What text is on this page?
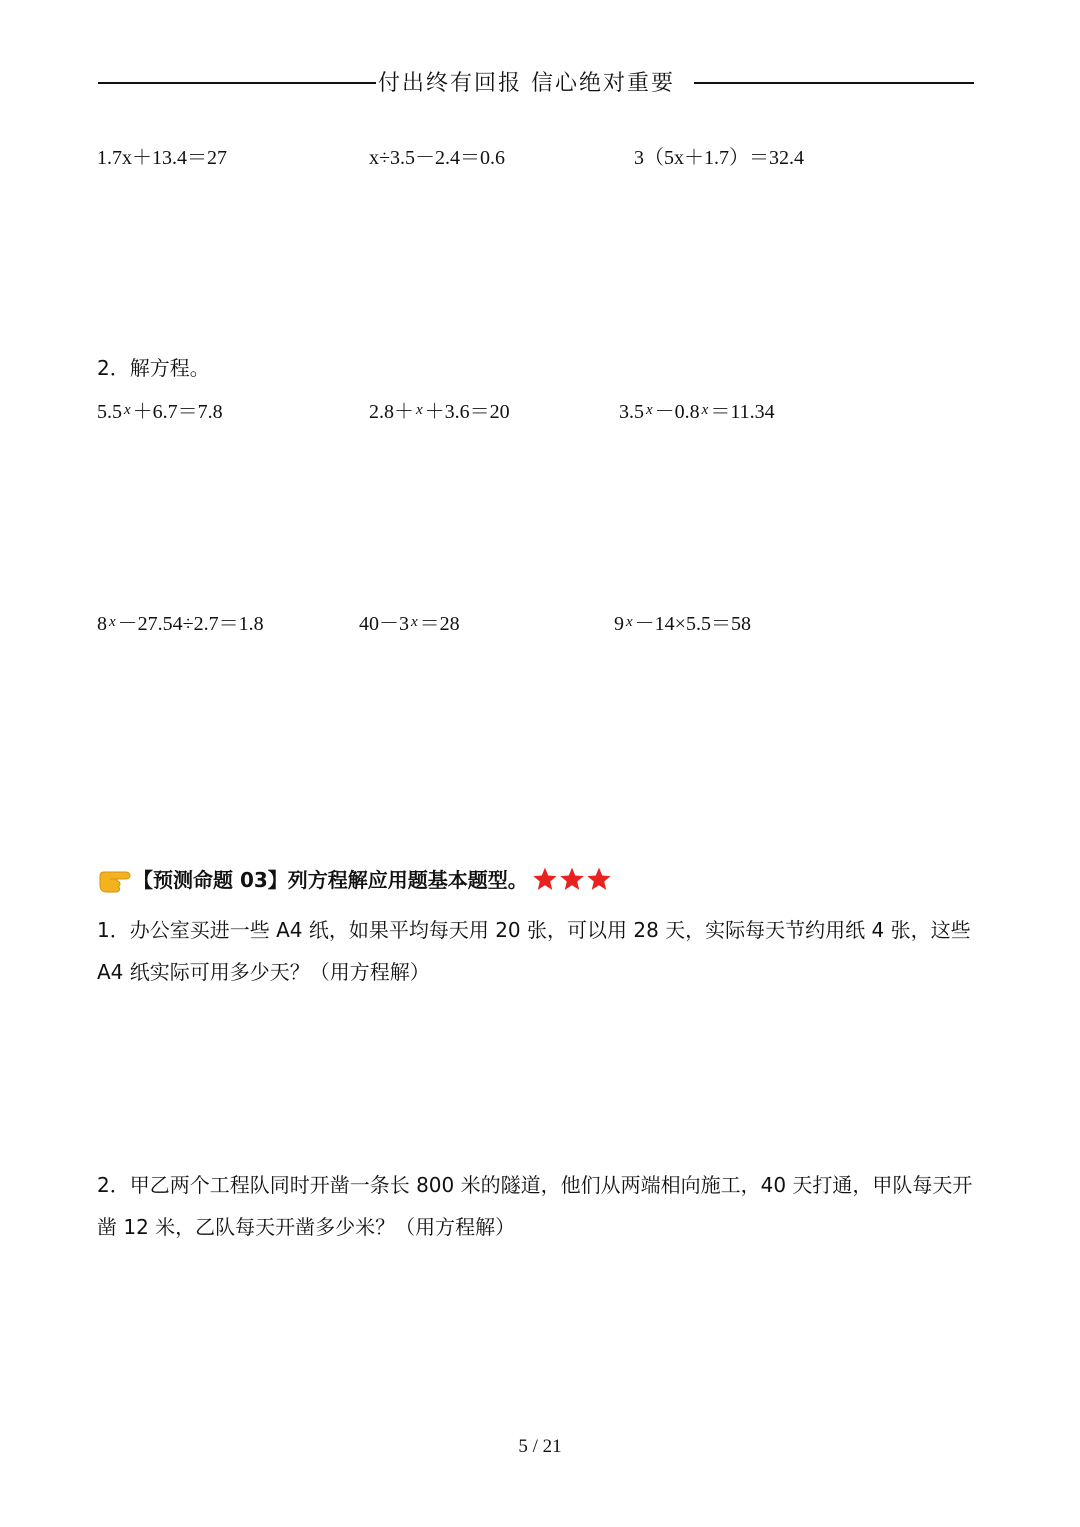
付出终有回报 信心绝对重要
1.7x＋13.4＝27	x÷3.5－2.4＝0.6	3（5x＋1.7）＝32.4
2．解方程。
5.5 $^x$ ＋6.7＝7.8	2.8＋ $^x$ ＋3.6＝20	3.5 $^x$ －0.8 $^x$ ＝11.34
8 $^x$ －27.54÷2.7＝1.8	40－3 $^x$ ＝28	9 $^x$ －14×5.5＝58
【预测命题 03】列方程解应用题基本题型。
1．办公室买进一些 A4 纸，如果平均每天用 20 张，可以用 28 天，实际每天节约用纸 4 张，这些 A4 纸实际可用多少天？（用方程解）
2．甲乙两个工程队同时开凿一条长 800 米的隧道，他们从两端相向施工，40 天打通，甲队每天开凿 12 米，乙队每天开凿多少米？（用方程解）
5 / 21
